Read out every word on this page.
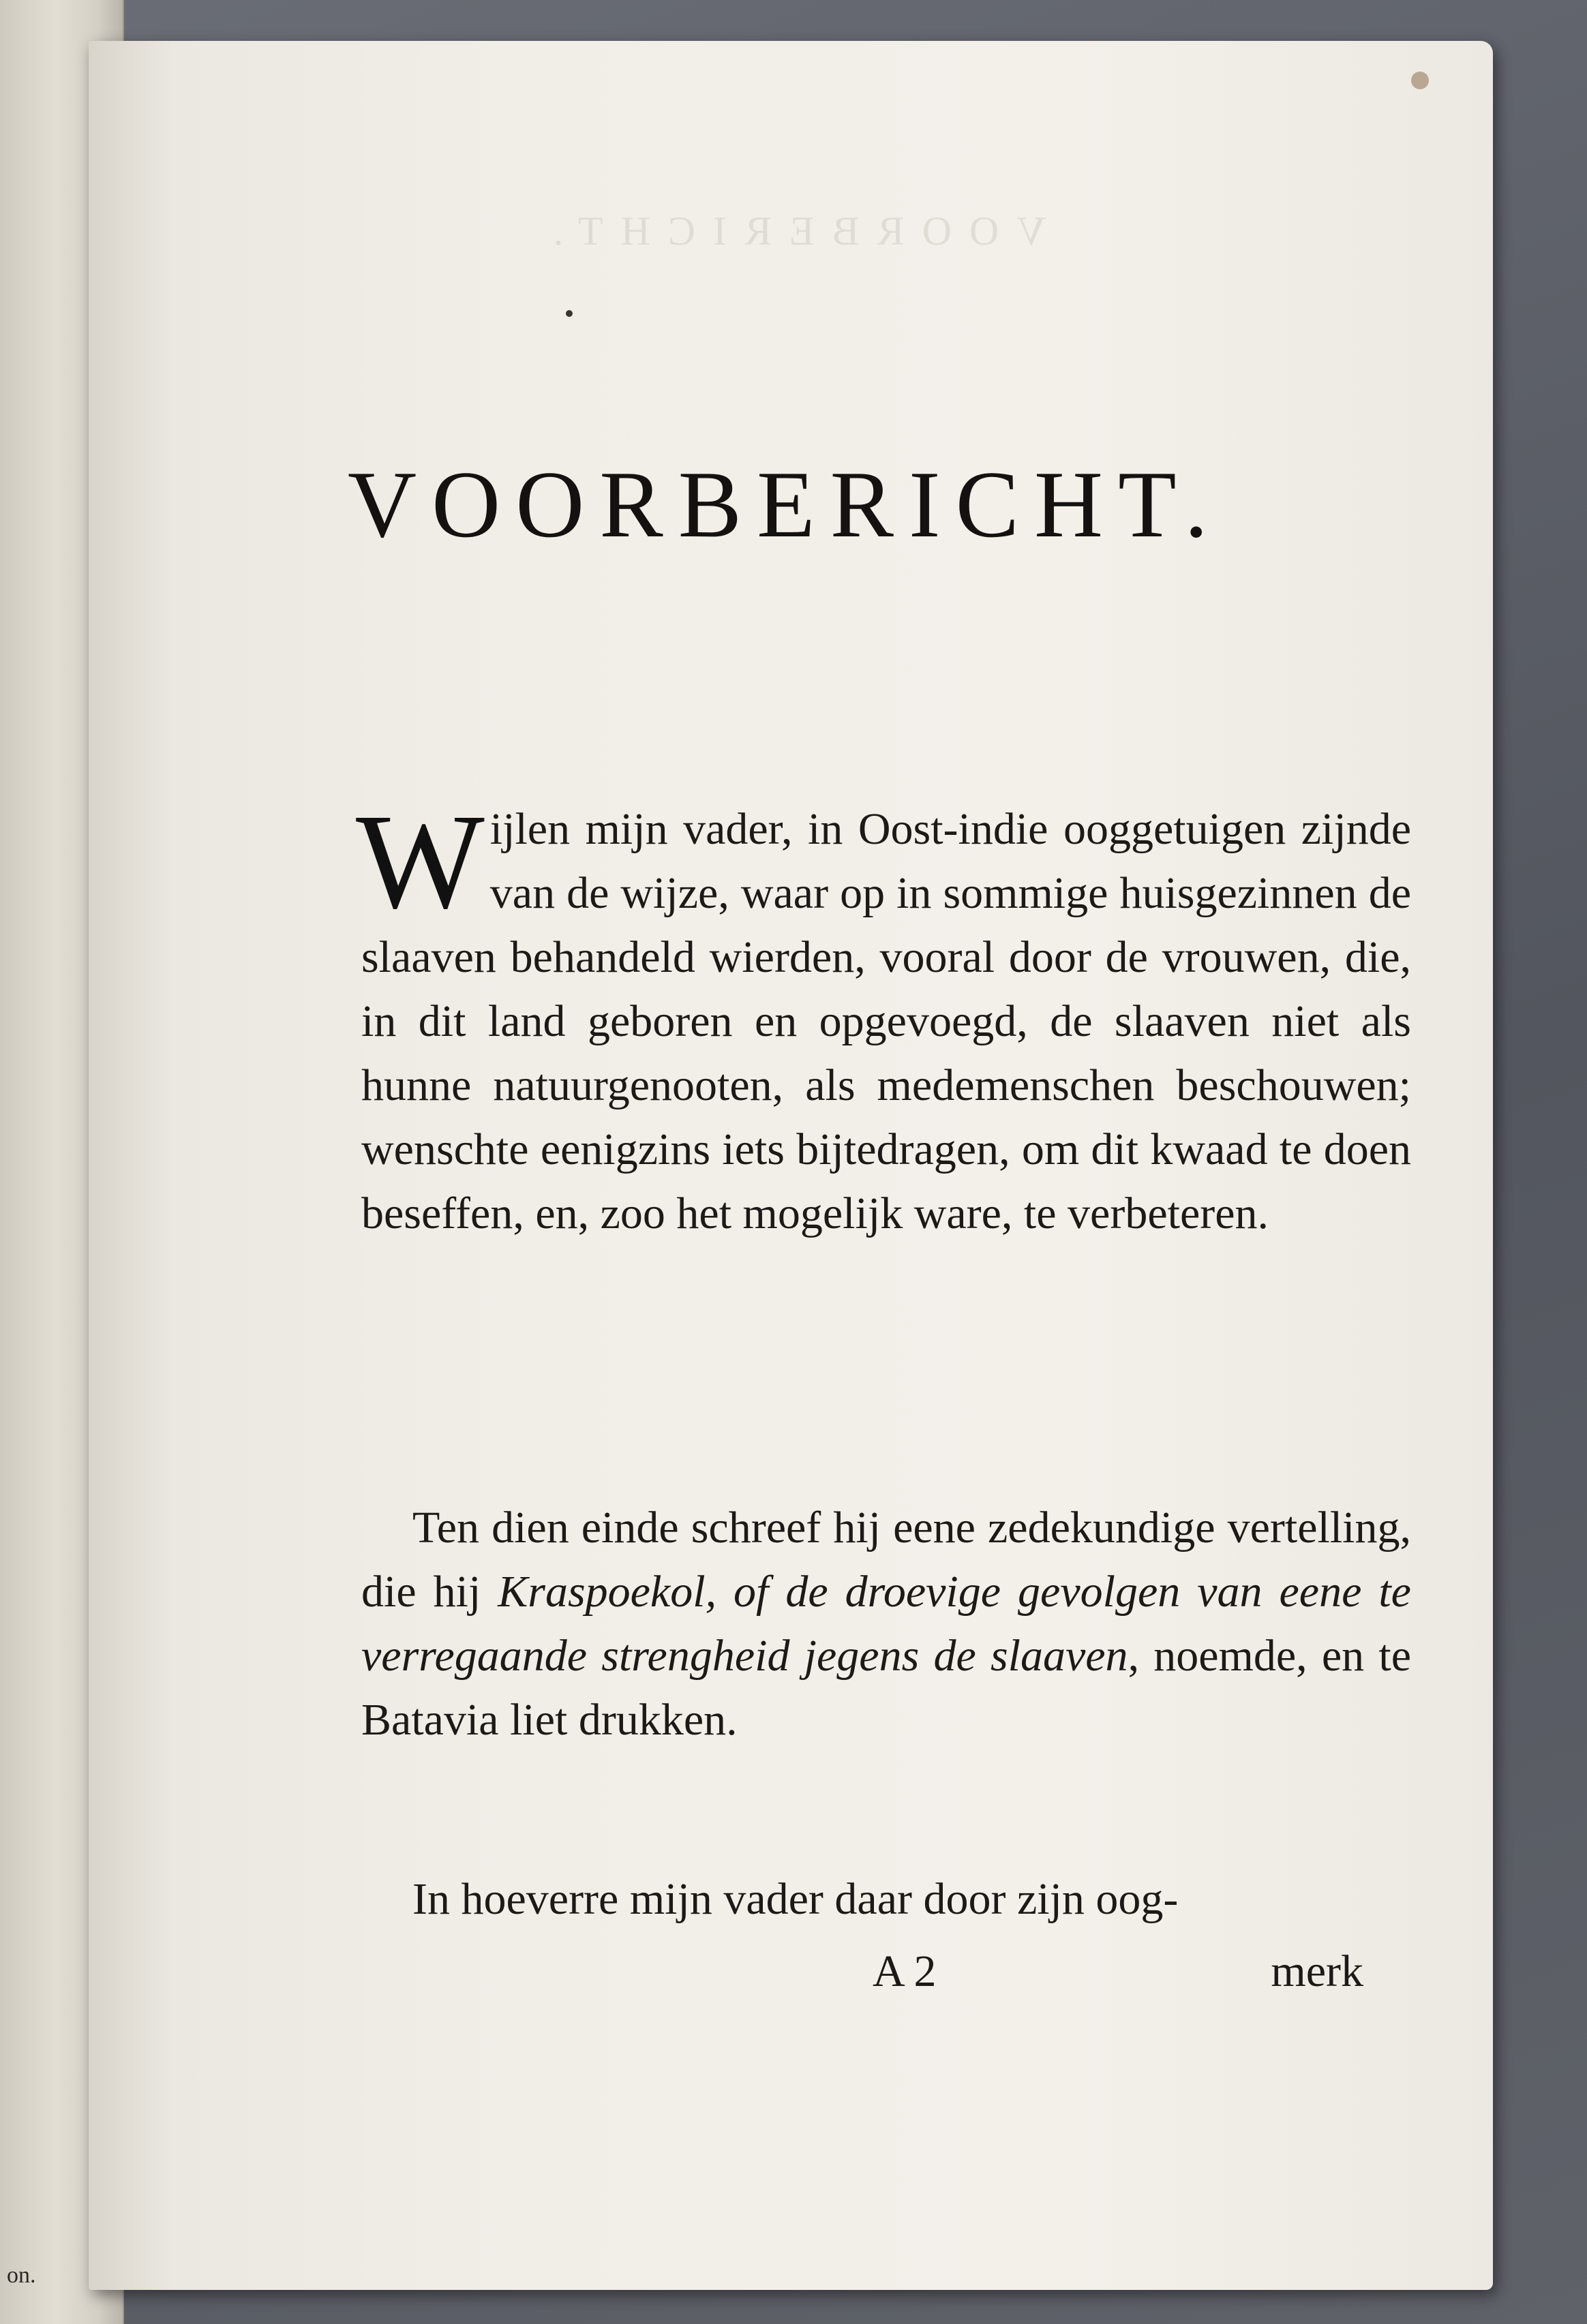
on.
VOORBERICHT.
VOORBERICHT.
Wijlen mijn vader, in Oost-indie ooggetuigen zijnde van de wijze, waar op in sommige huisgezinnen de slaaven behandeld wierden, vooral door de vrouwen, die, in dit land geboren en opgevoegd, de slaaven niet als hunne natuurgenooten, als medemenschen beschouwen; wenschte eenigzins iets bijtedragen, om dit kwaad te doen beseffen, en, zoo het mogelijk ware, te verbeteren.
Ten dien einde schreef hij eene zedekundige vertelling, die hij Kraspoekol, of de droevige gevolgen van eene te verregaande strengheid jegens de slaaven, noemde, en te Batavia liet drukken.
In hoeverre mijn vader daar door zijn oog-
A 2	merk
